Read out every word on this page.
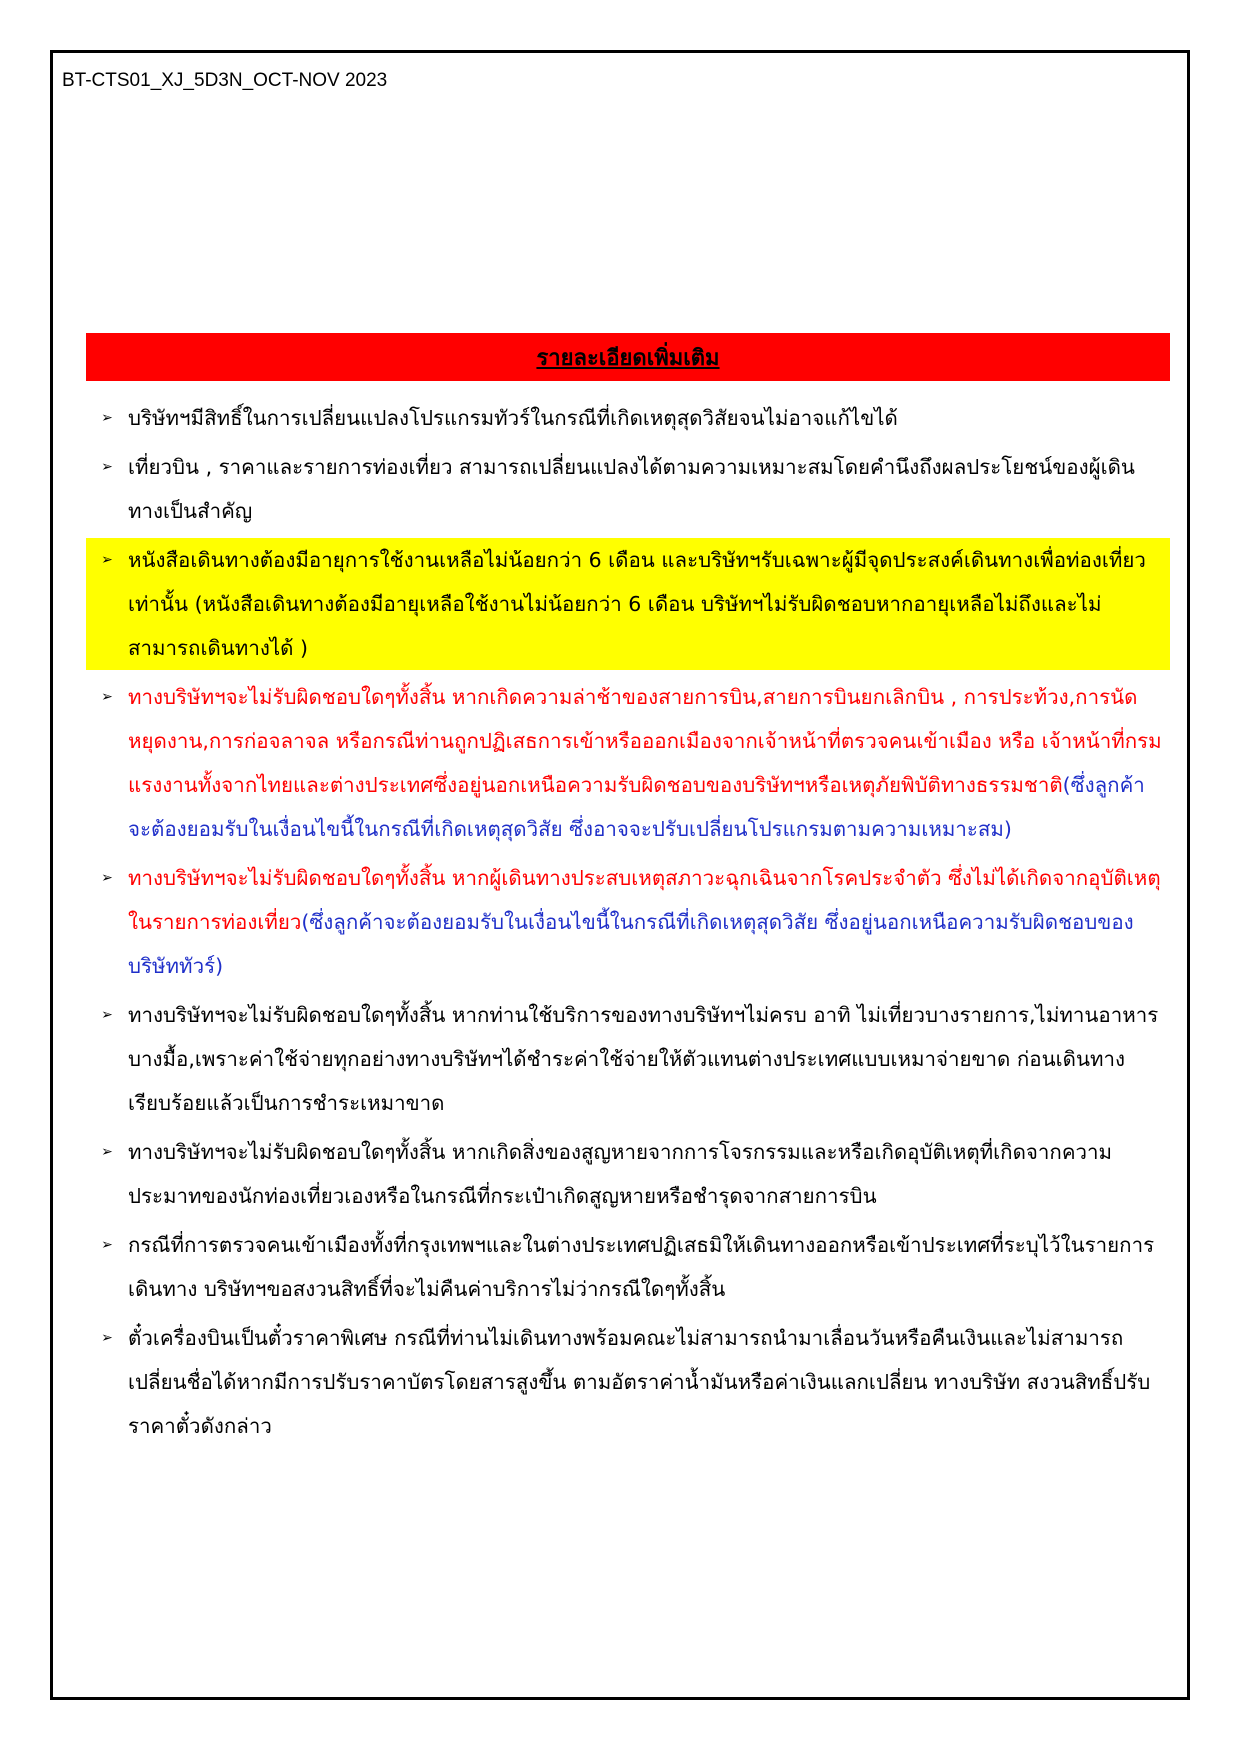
BT-CTS01_XJ_5D3N_OCT-NOV 2023
รายละเอียดเพิ่มเติม
➢ บริษัทฯมีสิทธิ์ในการเปลี่ยนแปลงโปรแกรมทัวร์ในกรณีที่เกิดเหตุสุดวิสัยจนไม่อาจแก้ไขได้
➢ เที่ยวบิน , ราคาและรายการท่องเที่ยว สามารถเปลี่ยนแปลงได้ตามความเหมาะสมโดยคำนึงถึงผลประโยชน์ของผู้เดินทางเป็นสำคัญ
➢ หนังสือเดินทางต้องมีอายุการใช้งานเหลือไม่น้อยกว่า 6 เดือน และบริษัทฯรับเฉพาะผู้มีจุดประสงค์เดินทางเพื่อท่องเที่ยวเท่านั้น (หนังสือเดินทางต้องมีอายุเหลือใช้งานไม่น้อยกว่า 6 เดือน บริษัทฯไม่รับผิดชอบหากอายุเหลือไม่ถึงและไม่สามารถเดินทางได้ )
➢ ทางบริษัทฯจะไม่รับผิดชอบใดๆทั้งสิ้น หากเกิดความล่าช้าของสายการบิน,สายการบินยกเลิกบิน , การประท้วง,การนัดหยุดงาน,การก่อจลาจล หรือกรณีท่านถูกปฏิเสธการเข้าหรือออกเมืองจากเจ้าหน้าที่ตรวจคนเข้าเมือง หรือ เจ้าหน้าที่กรมแรงงานทั้งจากไทยและต่างประเทศซึ่งอยู่นอกเหนือความรับผิดชอบของบริษัทฯหรือเหตุภัยพิบัติทางธรรมชาติ(ซึ่งลูกค้าจะต้องยอมรับในเงื่อนไขนี้ในกรณีที่เกิดเหตุสุดวิสัย ซึ่งอาจจะปรับเปลี่ยนโปรแกรมตามความเหมาะสม)
➢ ทางบริษัทฯจะไม่รับผิดชอบใดๆทั้งสิ้น หากผู้เดินทางประสบเหตุสภาวะฉุกเฉินจากโรคประจำตัว ซึ่งไม่ได้เกิดจากอุบัติเหตุในรายการท่องเที่ยว(ซึ่งลูกค้าจะต้องยอมรับในเงื่อนไขนี้ในกรณีที่เกิดเหตุสุดวิสัย ซึ่งอยู่นอกเหนือความรับผิดชอบของบริษัททัวร์)
➢ ทางบริษัทฯจะไม่รับผิดชอบใดๆทั้งสิ้น หากท่านใช้บริการของทางบริษัทฯไม่ครบ อาทิ ไม่เที่ยวบางรายการ,ไม่ทานอาหารบางมื้อ,เพราะค่าใช้จ่ายทุกอย่างทางบริษัทฯได้ชำระค่าใช้จ่ายให้ตัวแทนต่างประเทศแบบเหมาจ่ายขาด ก่อนเดินทางเรียบร้อยแล้วเป็นการชำระเหมาขาด
➢ ทางบริษัทฯจะไม่รับผิดชอบใดๆทั้งสิ้น หากเกิดสิ่งของสูญหายจากการโจรกรรมและหรือเกิดอุบัติเหตุที่เกิดจากความประมาทของนักท่องเที่ยวเองหรือในกรณีที่กระเป๋าเกิดสูญหายหรือชำรุดจากสายการบิน
➢ กรณีที่การตรวจคนเข้าเมืองทั้งที่กรุงเทพฯและในต่างประเทศปฏิเสธมิให้เดินทางออกหรือเข้าประเทศที่ระบุไว้ในรายการเดินทาง บริษัทฯขอสงวนสิทธิ์ที่จะไม่คืนค่าบริการไม่ว่ากรณีใดๆทั้งสิ้น
➢ ตั๋วเครื่องบินเป็นตั๋วราคาพิเศษ กรณีที่ท่านไม่เดินทางพร้อมคณะไม่สามารถนำมาเลื่อนวันหรือคืนเงินและไม่สามารถเปลี่ยนชื่อได้หากมีการปรับราคาบัตรโดยสารสูงขึ้น ตามอัตราค่าน้ำมันหรือค่าเงินแลกเปลี่ยน ทางบริษัท สงวนสิทธิ์ปรับราคาตั๋วดังกล่าว
